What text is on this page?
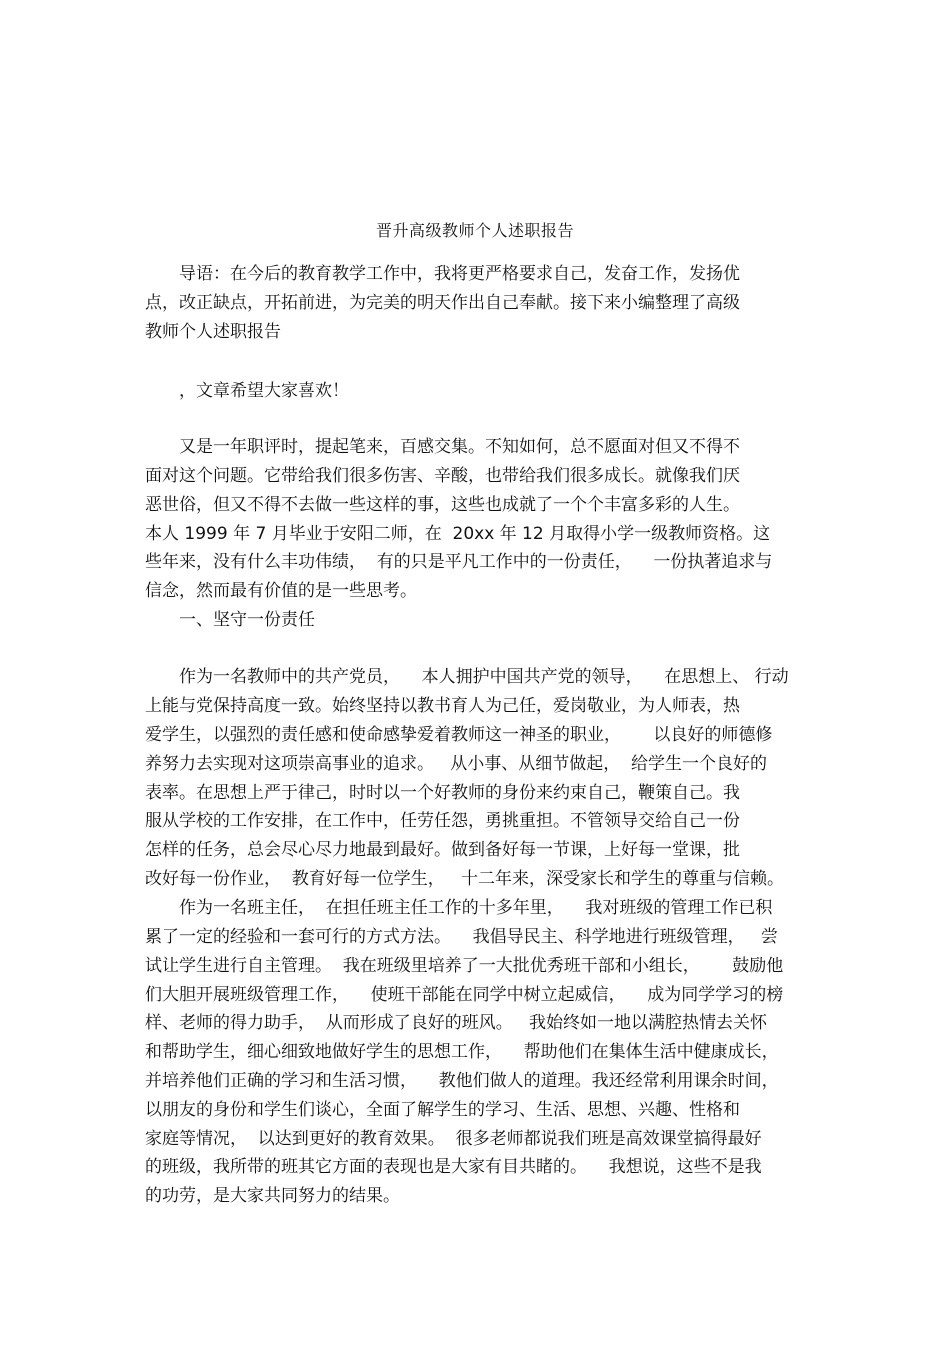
晋升高级教师个人述职报告
　　导语：在今后的教育教学工作中，我将更严格要求自己，发奋工作，发扬优
点，改正缺点，开拓前进，为完美的明天作出自己奉献。接下来小编整理了高级
教师个人述职报告
　　，文章希望大家喜欢！
　　又是一年职评时，提起笔来，百感交集。不知如何，总不愿面对但又不得不
面对这个问题。它带给我们很多伤害、辛酸，也带给我们很多成长。就像我们厌
恶世俗，但又不得不去做一些这样的事，这些也成就了一个个丰富多彩的人生。
本人 1999 年 7 月毕业于安阳二师，在  20xx 年 12 月取得小学一级教师资格。这
些年来，没有什么丰功伟绩，  有的只是平凡工作中的一份责任，    一份执著追求与
信念，然而最有价值的是一些思考。
　　一、坚守一份责任
　　作为一名教师中的共产党员，    本人拥护中国共产党的领导，    在思想上、 行动
上能与党保持高度一致。始终坚持以教书育人为己任，爱岗敬业，为人师表，热
爱学生，以强烈的责任感和使命感挚爱着教师这一神圣的职业，      以良好的师德修
养努力去实现对这项崇高事业的追求。   从小事、从细节做起，  给学生一个良好的
表率。在思想上严于律己，时时以一个好教师的身份来约束自己，鞭策自己。我
服从学校的工作安排，在工作中，任劳任怨，勇挑重担。不管领导交给自己一份
怎样的任务，总会尽心尽力地最到最好。做到备好每一节课，上好每一堂课，批
改好每一份作业，  教育好每一位学生，   十二年来，深受家长和学生的尊重与信赖。
　　作为一名班主任，  在担任班主任工作的十多年里，    我对班级的管理工作已积
累了一定的经验和一套可行的方式方法。    我倡导民主、科学地进行班级管理，   尝
试让学生进行自主管理。  我在班级里培养了一大批优秀班干部和小组长，      鼓励他
们大胆开展班级管理工作，    使班干部能在同学中树立起威信，    成为同学学习的榜
样、老师的得力助手，  从而形成了良好的班风。   我始终如一地以满腔热情去关怀
和帮助学生，细心细致地做好学生的思想工作，    帮助他们在集体生活中健康成长，
并培养他们正确的学习和生活习惯，    教他们做人的道理。我还经常利用课余时间，
以朋友的身份和学生们谈心，全面了解学生的学习、生活、思想、兴趣、性格和
家庭等情况，  以达到更好的教育效果。  很多老师都说我们班是高效课堂搞得最好
的班级，我所带的班其它方面的表现也是大家有目共睹的。    我想说，这些不是我
的功劳，是大家共同努力的结果。
